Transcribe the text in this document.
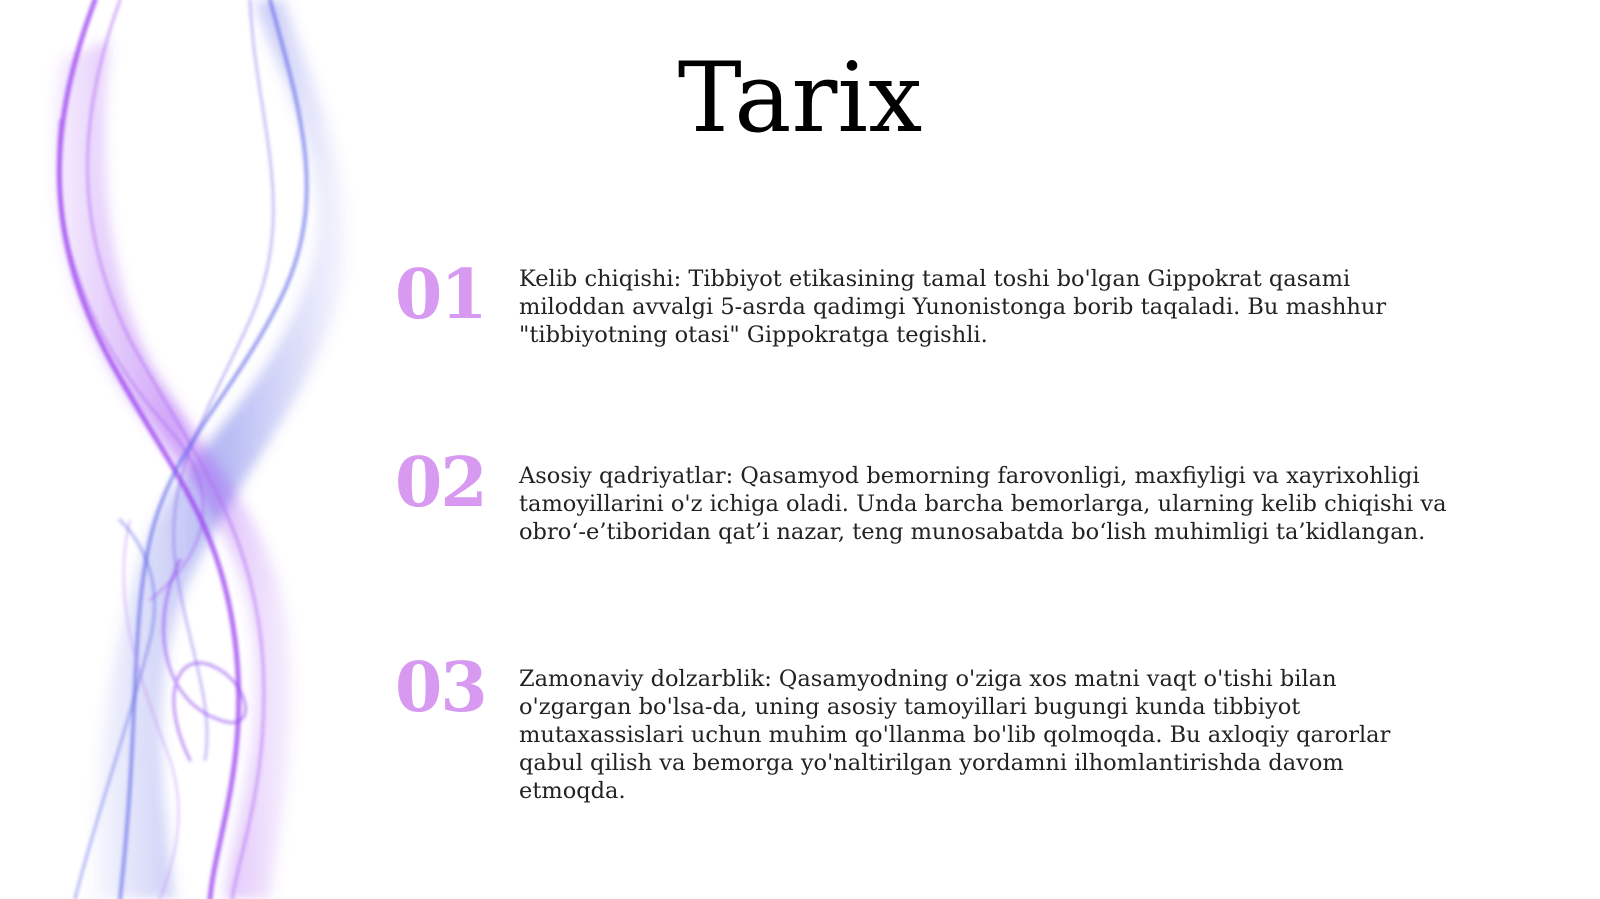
Tarix
01 Kelib chiqishi: Tibbiyot etikasining tamal toshi bo'lgan Gippokrat qasami miloddan avvalgi 5-asrda qadimgi Yunonistonga borib taqaladi. Bu mashhur "tibbiyotning otasi" Gippokratga tegishli.
02 Asosiy qadriyatlar: Qasamyod bemorning farovonligi, maxfiyligi va xayrixohligi tamoyillarini o'z ichiga oladi. Unda barcha bemorlarga, ularning kelib chiqishi va obro‘-e’tiboridan qat’i nazar, teng munosabatda bo‘lish muhimligi ta’kidlangan.
03 Zamonaviy dolzarblik: Qasamyodning o'ziga xos matni vaqt o'tishi bilan o'zgargan bo'lsa-da, uning asosiy tamoyillari bugungi kunda tibbiyot mutaxassislari uchun muhim qo'llanma bo'lib qolmoqda. Bu axloqiy qarorlar qabul qilish va bemorga yo'naltirilgan yordamni ilhomlantirishda davom etmoqda.
